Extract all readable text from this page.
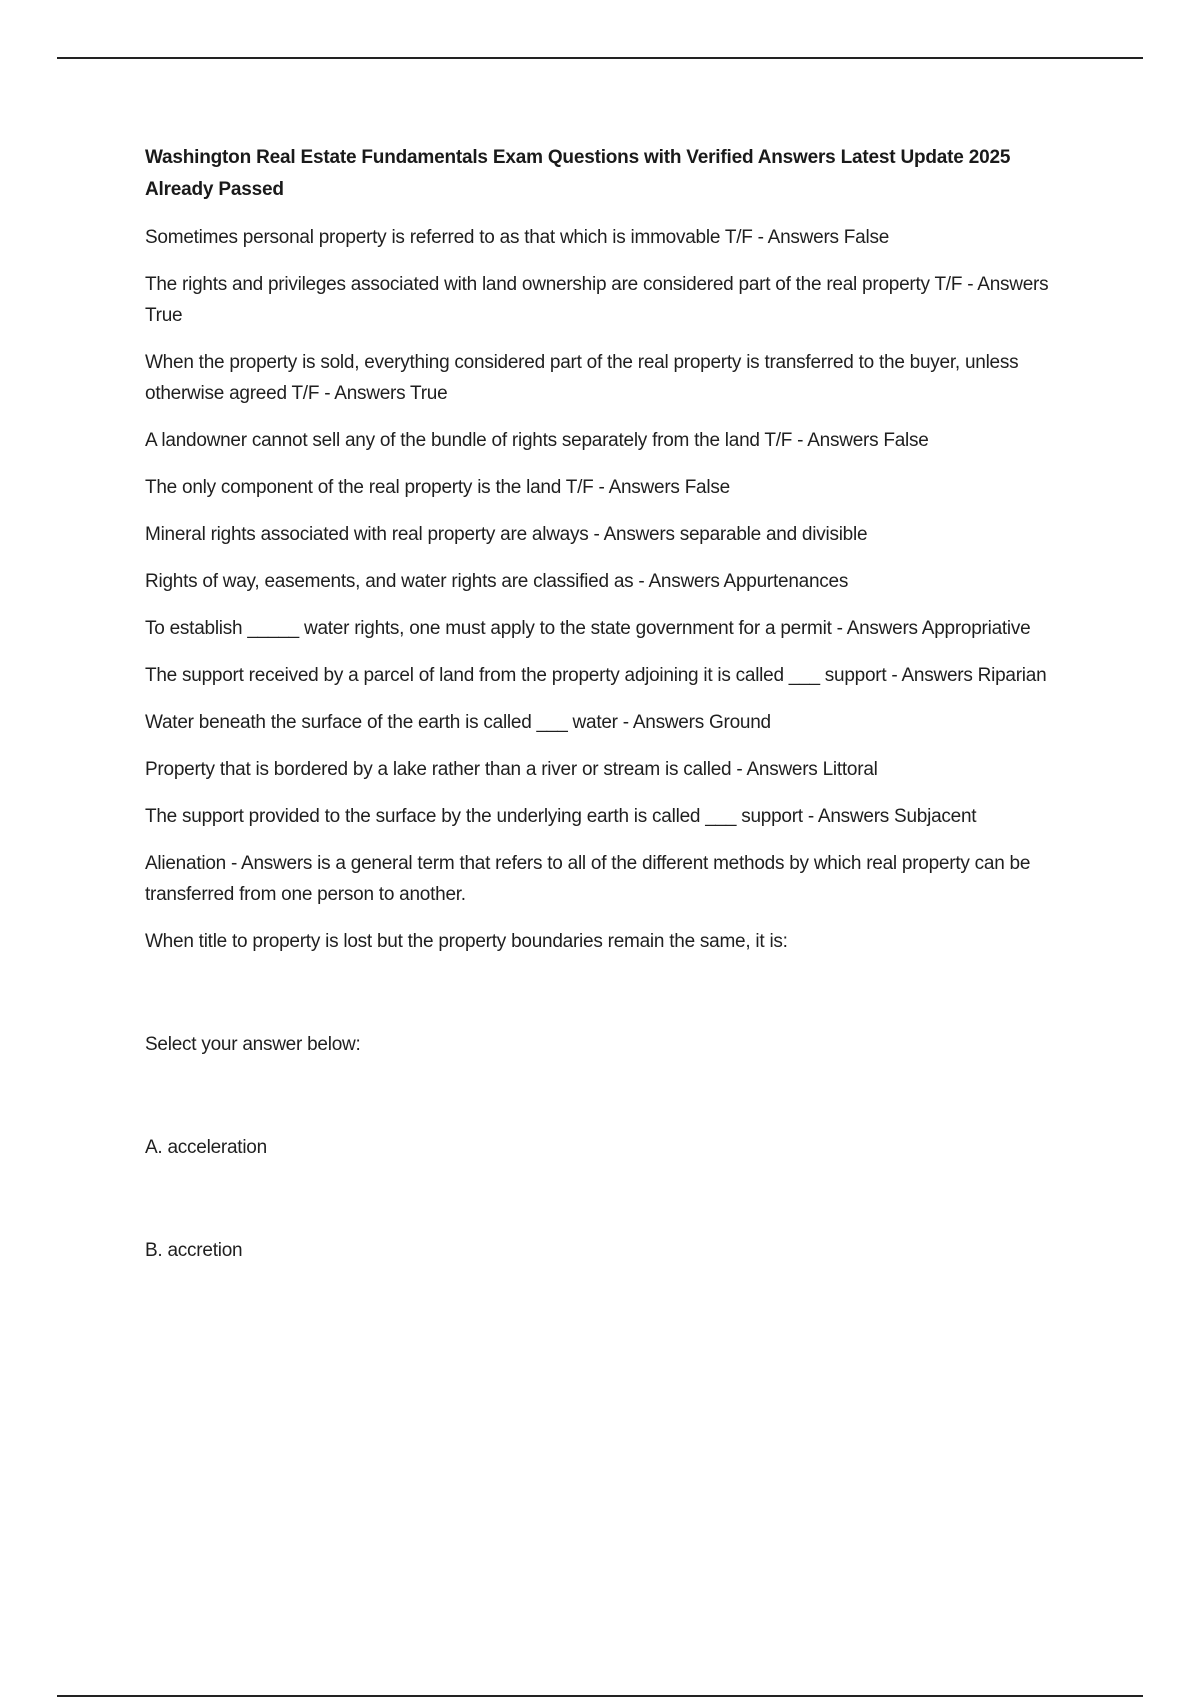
Washington Real Estate Fundamentals Exam Questions with Verified Answers Latest Update 2025 Already Passed

Sometimes personal property is referred to as that which is immovable T/F - Answers False

The rights and privileges associated with land ownership are considered part of the real property T/F - Answers True

When the property is sold, everything considered part of the real property is transferred to the buyer, unless otherwise agreed T/F - Answers True

A landowner cannot sell any of the bundle of rights separately from the land T/F - Answers False

The only component of the real property is the land T/F - Answers False

Mineral rights associated with real property are always - Answers separable and divisible

Rights of way, easements, and water rights are classified as - Answers Appurtenances

To establish _____ water rights, one must apply to the state government for a permit - Answers Appropriative

The support received by a parcel of land from the property adjoining it is called ___ support - Answers Riparian

Water beneath the surface of the earth is called ___ water - Answers Ground

Property that is bordered by a lake rather than a river or stream is called - Answers Littoral

The support provided to the surface by the underlying earth is called ___ support - Answers Subjacent

Alienation - Answers is a general term that refers to all of the different methods by which real property can be transferred from one person to another.

When title to property is lost but the property boundaries remain the same, it is:

Select your answer below:

A. acceleration

B. accretion
